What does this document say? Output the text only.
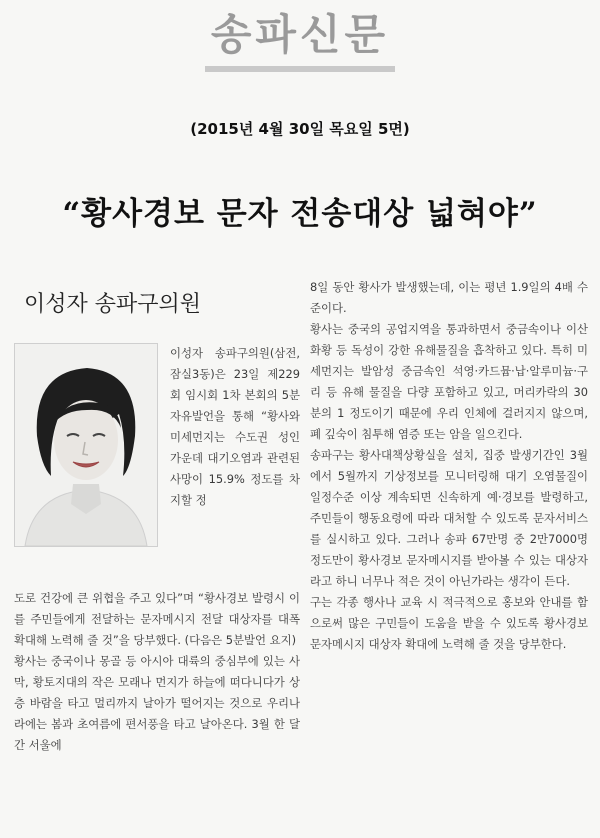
송파신문
(2015년 4월 30일 목요일 5면)
“황사경보 문자 전송대상 넓혀야”
이성자 송파구의원

이성자 송파구의원(삼전, 잠실3동)은 23일 제229회 임시회 1차 본회의 5분자유발언을 통해 “황사와 미세먼지는 수도권 성인 가운데 대기오염과 관련된 사망이 15.9% 정도를 차지할 정

도로 건강에 큰 위협을 주고 있다”며 “황사경보 발령시 이를 주민들에게 전달하는 문자메시지 전달 대상자를 대폭 확대해 노력해 줄 것”을 당부했다. (다음은 5분발언 요지)

황사는 중국이나 몽골 등 아시아 대륙의 중심부에 있는 사막, 황토지대의 작은 모래나 먼지가 하늘에 떠다니다가 상층 바람을 타고 멀리까지 날아가 떨어지는 것으로 우리나라에는 봄과 초여름에 편서풍을 타고 날아온다. 3월 한 달간 서울에

8일 동안 황사가 발생했는데, 이는 평년 1.9일의 4배 수준이다.

황사는 중국의 공업지역을 통과하면서 중금속이나 이산화황 등 독성이 강한 유해물질을 흡착하고 있다. 특히 미세먼지는 발암성 중금속인 석영·카드뮴·납·알루미늄·구리 등 유해 물질을 다량 포함하고 있고, 머리카락의 30분의 1 정도이기 때문에 우리 인체에 걸러지지 않으며, 폐 깊숙이 침투해 염증 또는 암을 일으킨다.

송파구는 황사대책상황실을 설치, 집중 발생기간인 3월에서 5월까지 기상정보를 모니터링해 대기 오염물질이 일정수준 이상 계속되면 신속하게 예·경보를 발령하고, 주민들이 행동요령에 따라 대처할 수 있도록 문자서비스를 실시하고 있다. 그러나 송파 67만명 중 2만7000명 정도만이 황사경보 문자메시지를 받아볼 수 있는 대상자라고 하니 너무나 적은 것이 아닌가라는 생각이 든다.

구는 각종 행사나 교육 시 적극적으로 홍보와 안내를 함으로써 많은 구민들이 도움을 받을 수 있도록 황사경보 문자메시지 대상자 확대에 노력해 줄 것을 당부한다.
